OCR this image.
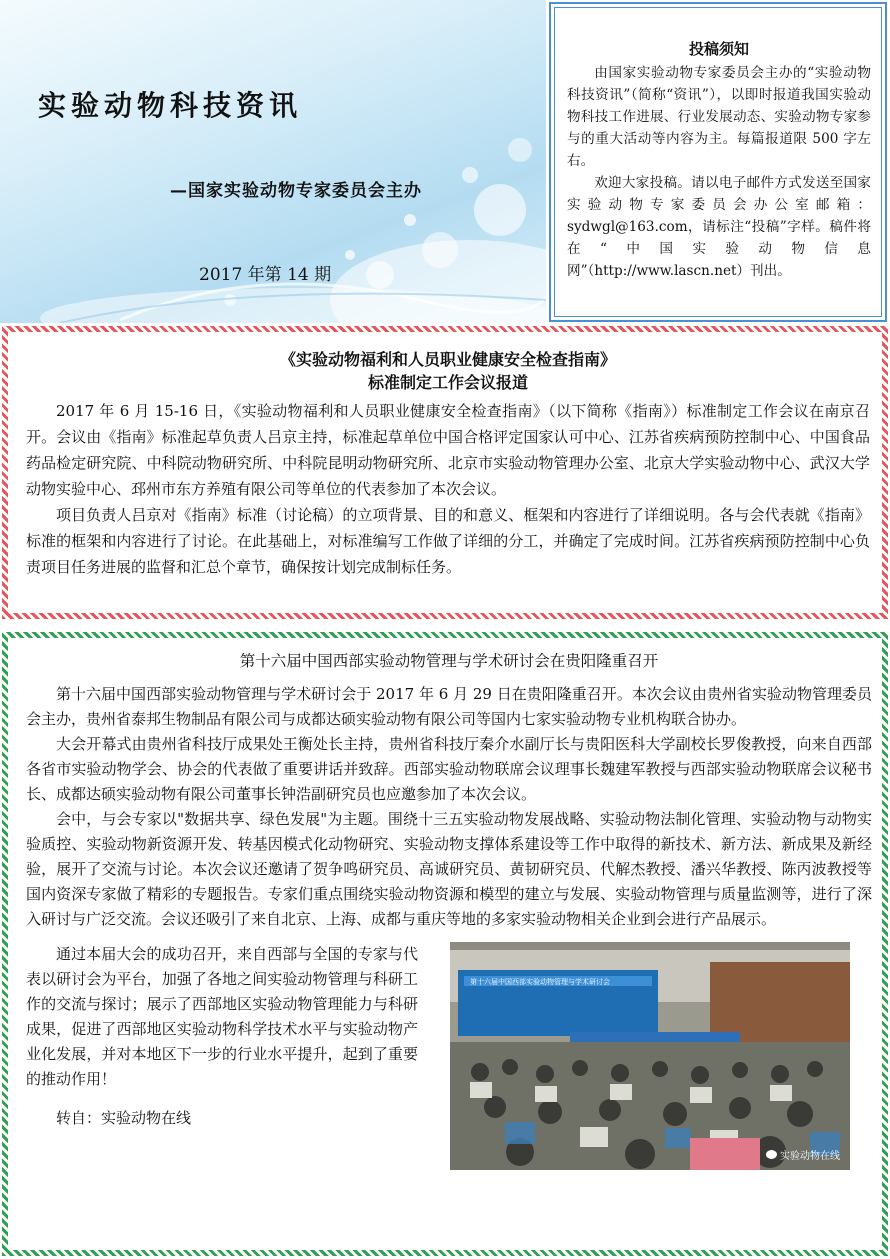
实验动物科技资讯
—国家实验动物专家委员会主办
2017 年第 14 期
投稿须知

由国家实验动物专家委员会主办的“实验动物科技资讯”（简称“资讯”），以即时报道我国实验动物科技工作进展、行业发展动态、实验动物专家参与的重大活动等内容为主。每篇报道限 500 字左右。

欢迎大家投稿。请以电子邮件方式发送至国家实验动物专家委员会办公室邮箱：sydwgl@163.com，请标注“投稿”字样。稿件将在“中国实验动物信息网”（http://www.lascn.net）刊出。

《实验动物福利和人员职业健康安全检查指南》
标准制定工作会议报道

2017 年 6 月 15-16 日，《实验动物福利和人员职业健康安全检查指南》（以下简称《指南》）标准制定工作会议在南京召开。会议由《指南》标准起草负责人吕京主持，标准起草单位中国合格评定国家认可中心、江苏省疾病预防控制中心、中国食品药品检定研究院、中科院动物研究所、中科院昆明动物研究所、北京市实验动物管理办公室、北京大学实验动物中心、武汉大学动物实验中心、邳州市东方养殖有限公司等单位的代表参加了本次会议。

项目负责人吕京对《指南》标准（讨论稿）的立项背景、目的和意义、框架和内容进行了详细说明。各与会代表就《指南》标准的框架和内容进行了讨论。在此基础上，对标准编写工作做了详细的分工，并确定了完成时间。江苏省疾病预防控制中心负责项目任务进展的监督和汇总个章节，确保按计划完成制标任务。

第十六届中国西部实验动物管理与学术研讨会在贵阳隆重召开

第十六届中国西部实验动物管理与学术研讨会于 2017 年 6 月 29 日在贵阳隆重召开。本次会议由贵州省实验动物管理委员会主办，贵州省泰邦生物制品有限公司与成都达硕实验动物有限公司等国内七家实验动物专业机构联合协办。

大会开幕式由贵州省科技厅成果处王衡处长主持，贵州省科技厅秦介水副厅长与贵阳医科大学副校长罗俊教授，向来自西部各省市实验动物学会、协会的代表做了重要讲话并致辞。西部实验动物联席会议理事长魏建军教授与西部实验动物联席会议秘书长、成都达硕实验动物有限公司董事长钟浩副研究员也应邀参加了本次会议。

会中，与会专家以"数据共享、绿色发展"为主题。围绕十三五实验动物发展战略、实验动物法制化管理、实验动物与动物实验质控、实验动物新资源开发、转基因模式化动物研究、实验动物支撑体系建设等工作中取得的新技术、新方法、新成果及新经验，展开了交流与讨论。本次会议还邀请了贺争鸣研究员、高诚研究员、黄韧研究员、代解杰教授、潘兴华教授、陈丙波教授等国内资深专家做了精彩的专题报告。专家们重点围绕实验动物资源和模型的建立与发展、实验动物管理与质量监测等，进行了深入研讨与广泛交流。会议还吸引了来自北京、上海、成都与重庆等地的多家实验动物相关企业到会进行产品展示。

通过本届大会的成功召开，来自西部与全国的专家与代表以研讨会为平台，加强了各地之间实验动物管理与科研工作的交流与探讨；展示了西部地区实验动物管理能力与科研成果，促进了西部地区实验动物科学技术水平与实验动物产业化发展，并对本地区下一步的行业水平提升，起到了重要的推动作用！

转自：实验动物在线

第十六届中国西部实验动物管理与学术研讨会
实验动物在线
